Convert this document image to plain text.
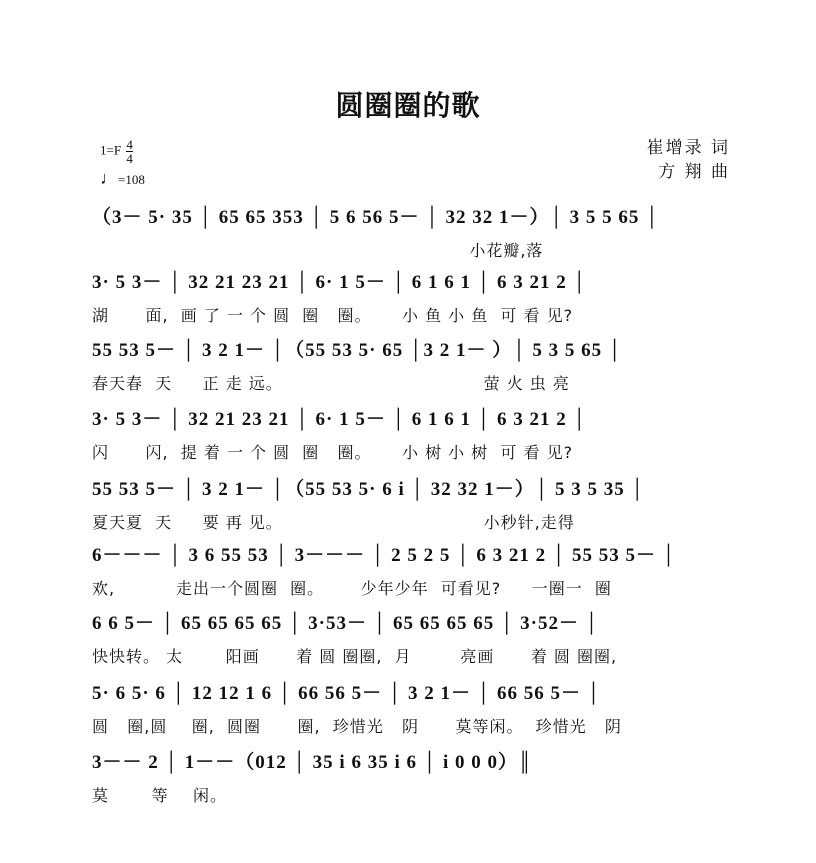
圆圈圈的歌
$1=F \frac{4}{4}$
♩=108
崔增录 词
方 翔 曲
（3－ 5· 35 │ 65 65 353 │ 5 6 56 5－ │ 32 32 1－）│ 3 5 5 65 │
小花瓣,落
3· 5 3－ │ 32 21 23 21 │ 6· 1 5－ │ 6 1 6 1 │ 6 3 21 2 │
湖      面,  画 了 一 个 圆  圈   圈。     小 鱼 小 鱼  可 看 见?
55 53 5－ │ 3 2 1－ │（55 53 5· 65 │3 2 1－ ）│ 5 3 5 65 │
春天春  天     正 走 远。                                 萤 火 虫 亮
3· 5 3－ │ 32 21 23 21 │ 6· 1 5－ │ 6 1 6 1 │ 6 3 21 2 │
闪      闪,  提 着 一 个 圆  圈   圈。     小 树 小 树  可 看 见?
55 53 5－ │ 3 2 1－ │（55 53 5· 6 i │ 32 32 1－）│ 5 3 5 35 │
夏天夏  天     要 再 见。                                 小秒针,走得
6－－－ │ 3 6 55 53 │ 3－－－ │ 2 5 2 5 │ 6 3 21 2 │ 55 53 5－ │
欢,          走出一个圆圈  圈。      少年少年  可看见?     一圈一  圈
6 6 5－ │ 65 65 65 65 │ 3·53－ │ 65 65 65 65 │ 3·52－ │
快快转。 太       阳画      着 圆 圈圈,  月        亮画      着 圆 圈圈,
5· 6 5· 6 │ 12 12 1 6 │ 66 56 5－ │ 3 2 1－ │ 66 56 5－ │
圆   圈,圆    圈,  圆圈      圈,  珍惜光   阴      莫等闲。  珍惜光   阴
3－－ 2 │ 1－－（012 │ 35 i 6 35 i 6 │ i 0 0 0）║
莫       等    闲。
